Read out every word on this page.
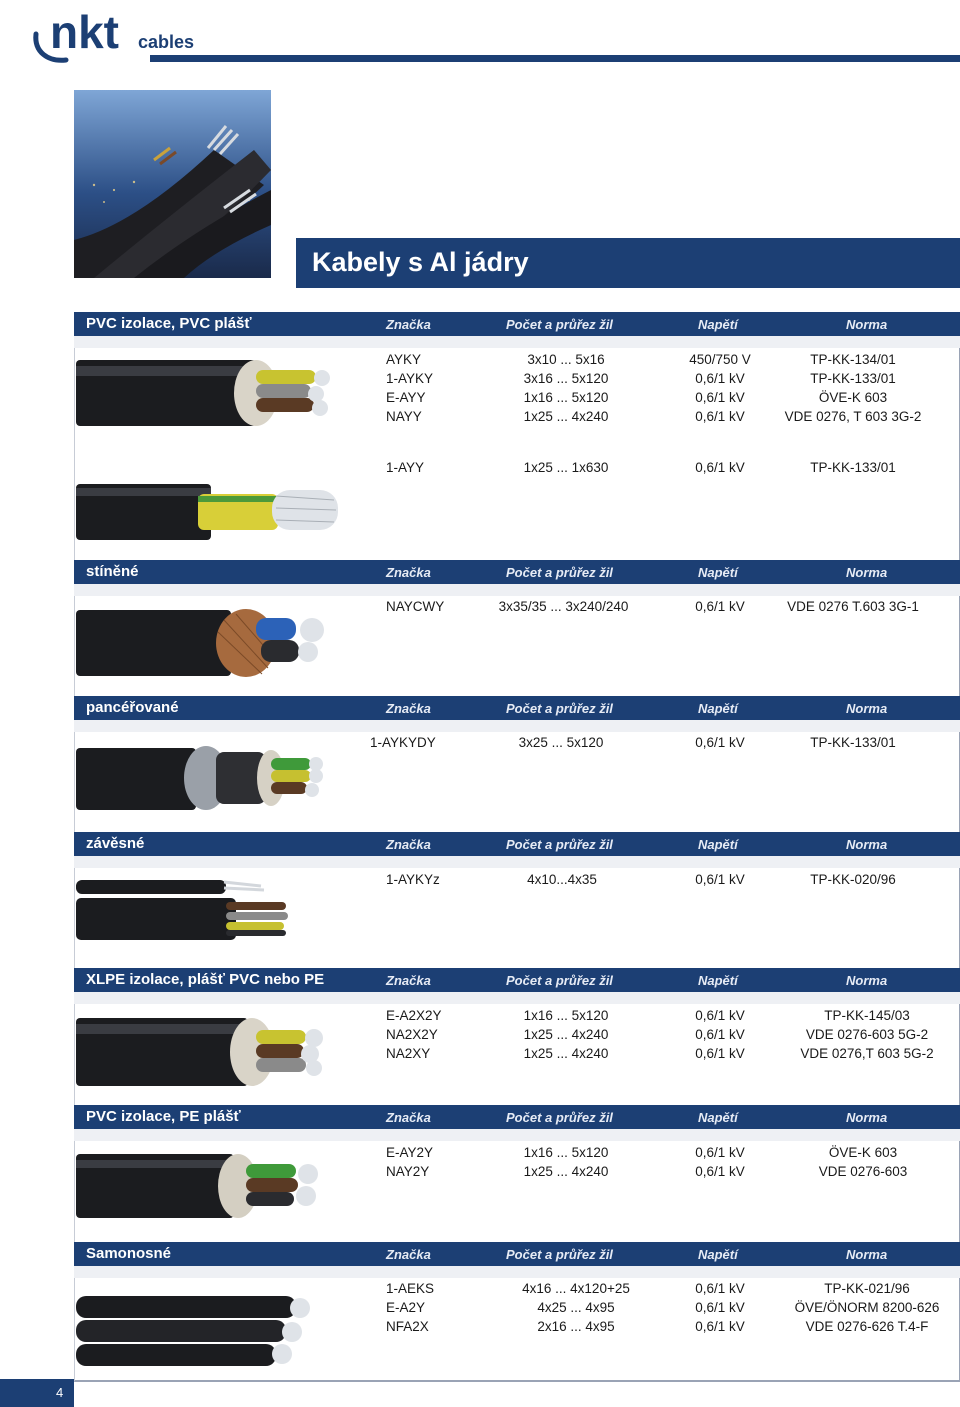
nkt cables
Kabely s Al jádry
PVC izolace, PVC plášť	Značka	Počet a průřez žil	Napětí	Norma
stíněné	Značka	Počet a průřez žil	Napětí	Norma
pancéřované	Značka	Počet a průřez žil	Napětí	Norma
závěsné	Značka	Počet a průřez žil	Napětí	Norma
XLPE izolace, plášť PVC nebo PE	Značka	Počet a průřez žil	Napětí	Norma
PVC izolace, PE plášť	Značka	Počet a průřez žil	Napětí	Norma
Samonosné	Značka	Počet a průřez žil	Napětí	Norma
AYKY	3x10 ... 5x16	450/750 V	TP-KK-134/01
1-AYKY	3x16 ... 5x120	0,6/1 kV	TP-KK-133/01
E-AYY	1x16 ... 5x120	0,6/1 kV	ÖVE-K 603
NAYY	1x25 ... 4x240	0,6/1 kV	VDE 0276, T 603 3G-2
1-AYY	1x25 ... 1x630	0,6/1 kV	TP-KK-133/01
NAYCWY	3x35/35 ... 3x240/240	0,6/1 kV	VDE 0276 T.603 3G-1
1-AYKYDY	3x25 ... 5x120	0,6/1 kV	TP-KK-133/01
1-AYKYz	4x10...4x35	0,6/1 kV	TP-KK-020/96
E-A2X2Y	1x16 ... 5x120	0,6/1 kV	TP-KK-145/03
NA2X2Y	1x25 ... 4x240	0,6/1 kV	VDE 0276-603 5G-2
NA2XY	1x25 ... 4x240	0,6/1 kV	VDE 0276,T 603 5G-2
E-AY2Y	1x16 ... 5x120	0,6/1 kV	ÖVE-K 603
NAY2Y	1x25 ... 4x240	0,6/1 kV	VDE 0276-603
1-AEKS	4x16 ... 4x120+25	0,6/1 kV	TP-KK-021/96
E-A2Y	4x25 ... 4x95	0,6/1 kV	ÖVE/ÖNORM 8200-626
NFA2X	2x16 ... 4x95	0,6/1 kV	VDE 0276-626 T.4-F
4
